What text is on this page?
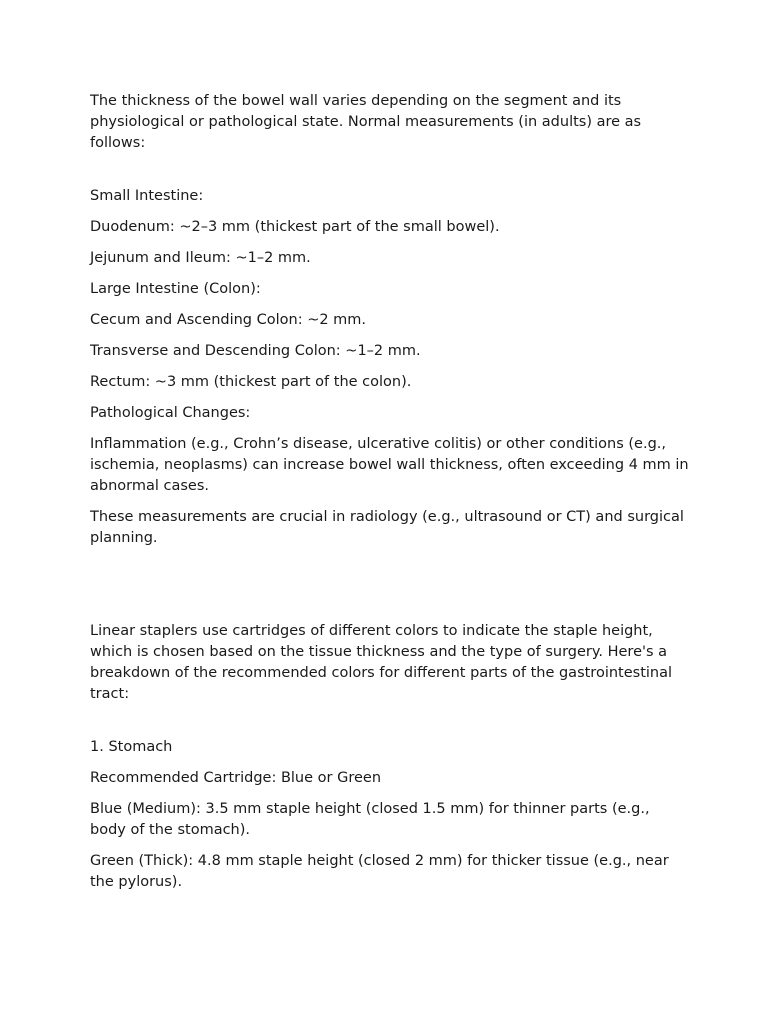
The thickness of the bowel wall varies depending on the segment and its physiological or pathological state. Normal measurements (in adults) are as follows:

Small Intestine:

Duodenum: ~2–3 mm (thickest part of the small bowel).

Jejunum and Ileum: ~1–2 mm.

Large Intestine (Colon):

Cecum and Ascending Colon: ~2 mm.

Transverse and Descending Colon: ~1–2 mm.

Rectum: ~3 mm (thickest part of the colon).

Pathological Changes:

Inflammation (e.g., Crohn’s disease, ulcerative colitis) or other conditions (e.g., ischemia, neoplasms) can increase bowel wall thickness, often exceeding 4 mm in abnormal cases.

These measurements are crucial in radiology (e.g., ultrasound or CT) and surgical planning.

Linear staplers use cartridges of different colors to indicate the staple height, which is chosen based on the tissue thickness and the type of surgery. Here's a breakdown of the recommended colors for different parts of the gastrointestinal tract:

1. Stomach

Recommended Cartridge: Blue or Green

Blue (Medium): 3.5 mm staple height (closed 1.5 mm) for thinner parts (e.g., body of the stomach).

Green (Thick): 4.8 mm staple height (closed 2 mm) for thicker tissue (e.g., near the pylorus).
